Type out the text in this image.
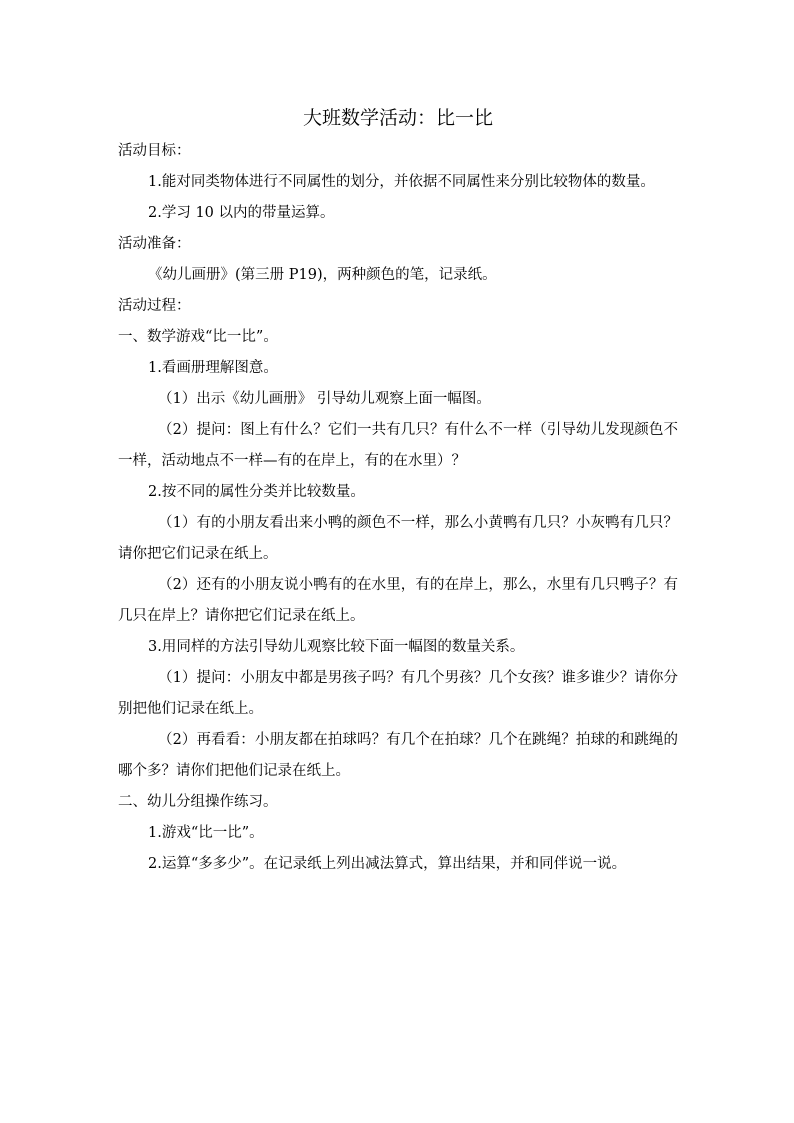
大班数学活动：比一比

活动目标：

1.能对同类物体进行不同属性的划分，并依据不同属性来分别比较物体的数量。

2.学习 10 以内的带量运算。

活动准备：

《幼儿画册》(第三册 P19)，两种颜色的笔，记录纸。

活动过程：

一、数学游戏“比一比”。

1.看画册理解图意。

（1）出示《幼儿画册》 引导幼儿观察上面一幅图。

（2）提问：图上有什么？它们一共有几只？有什么不一样（引导幼儿发现颜色不一样，活动地点不一样—有的在岸上，有的在水里）？

2.按不同的属性分类并比较数量。

（1）有的小朋友看出来小鸭的颜色不一样，那么小黄鸭有几只？小灰鸭有几只？请你把它们记录在纸上。

（2）还有的小朋友说小鸭有的在水里，有的在岸上，那么，水里有几只鸭子？有几只在岸上？请你把它们记录在纸上。

3.用同样的方法引导幼儿观察比较下面一幅图的数量关系。

（1）提问：小朋友中都是男孩子吗？有几个男孩？几个女孩？谁多谁少？请你分别把他们记录在纸上。

（2）再看看：小朋友都在拍球吗？有几个在拍球？几个在跳绳？拍球的和跳绳的哪个多？请你们把他们记录在纸上。

二、幼儿分组操作练习。

1.游戏“比一比”。

2.运算“多多少”。在记录纸上列出减法算式，算出结果，并和同伴说一说。
